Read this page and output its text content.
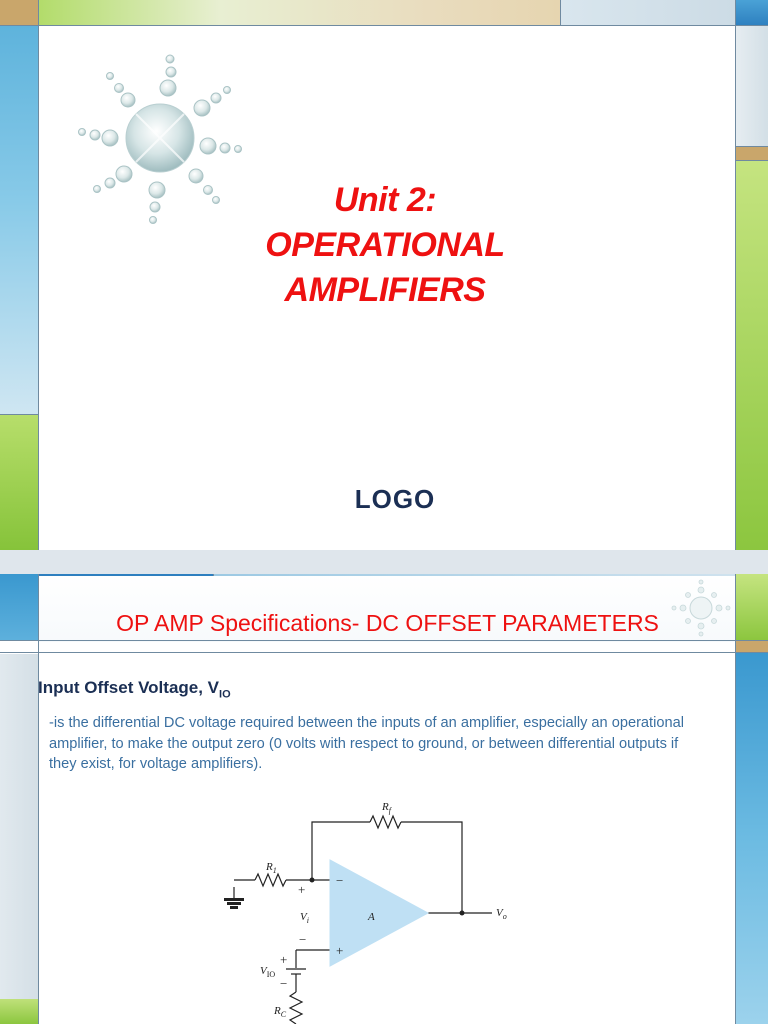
Unit 2:
OPERATIONAL
AMPLIFIERS
LOGO
OP AMP Specifications- DC OFFSET PARAMETERS
Input Offset Voltage, $V_{IO}$
-is the differential DC voltage required between the inputs of an amplifier, especially an operational amplifier, to make the output zero (0 volts with respect to ground, or between differential outputs if they exist, for voltage amplifiers).
$R_f$
$R_1$
$V_i$	A	$V_o$
$V_{IO}$
$R_C$
−
+
+
−
+
−
